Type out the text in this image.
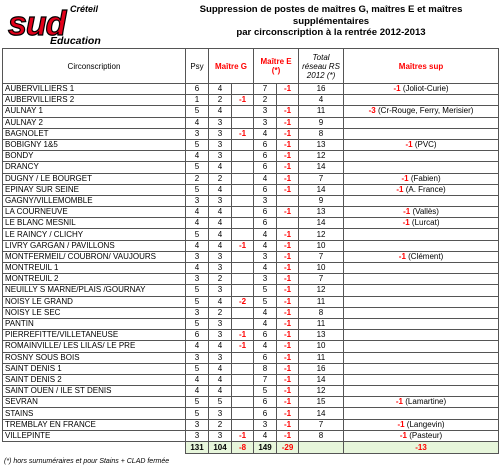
Créteil
sud
Education
Suppression de postes de maîtres G, maîtres E et maîtres
supplémentaires
par circonscription à la rentrée 2012-2013
Circonscription	Psy	Maître G		Maître E (*)		Total réseau RS 2012 (*)	Maîtres sup
AUBERVILLIERS 1	6	4		7	-1	16	-1 (Joliot-Curie)
AUBERVILLIERS 2	1	2	-1	2		4	
AULNAY 1	5	4		3	-1	11	-3 (Cr-Rouge, Ferry, Merisier)
AULNAY 2	4	3		3	-1	9	
BAGNOLET	3	3	-1	4	-1	8	
BOBIGNY 1&5	5	3		6	-1	13	-1 (PVC)
BONDY	4	3		6	-1	12	
DRANCY	5	4		6	-1	14	
DUGNY / LE BOURGET	2	2		4	-1	7	-1 (Fabien)
EPINAY SUR SEINE	5	4		6	-1	14	-1 (A. France)
GAGNY/VILLEMOMBLE	3	3		3		9	
LA COURNEUVE	4	4		6	-1	13	-1 (Vallès)
LE BLANC MESNIL	4	4		6		14	-1 (Lurcat)
LE RAINCY / CLICHY	5	4		4	-1	12	
LIVRY GARGAN / PAVILLONS	4	4	-1	4	-1	10	
MONTFERMEIL/ COUBRON/ VAUJOURS	3	3		3	-1	7	-1 (Clément)
MONTREUIL 1	4	3		4	-1	10	
MONTREUIL 2	3	2		3	-1	7	
NEUILLY S MARNE/PLAIS /GOURNAY	5	3		5	-1	12	
NOISY LE GRAND	5	4	-2	5	-1	11	
NOISY LE SEC	3	2		4	-1	8	
PANTIN	5	3		4	-1	11	
PIERREFITTE/VILLETANEUSE	6	3	-1	6	-1	13	
ROMAINVILLE/ LES LILAS/ LE PRE	4	4	-1	4	-1	10	
ROSNY SOUS BOIS	3	3		6	-1	11	
SAINT DENIS 1	5	4		8	-1	16	
SAINT DENIS 2	4	4		7	-1	14	
SAINT OUEN / ILE ST DENIS	4	4		5	-1	12	
SEVRAN	5	5		6	-1	15	-1 (Lamartine)
STAINS	5	3		6	-1	14	
TREMBLAY EN FRANCE	3	2		3	-1	7	-1 (Langevin)
VILLEPINTE	3	3	-1	4	-1	8	-1 (Pasteur)
	131	104	-8	149	-29		-13
(*) hors surnuméraires et pour Stains + CLAD fermée
